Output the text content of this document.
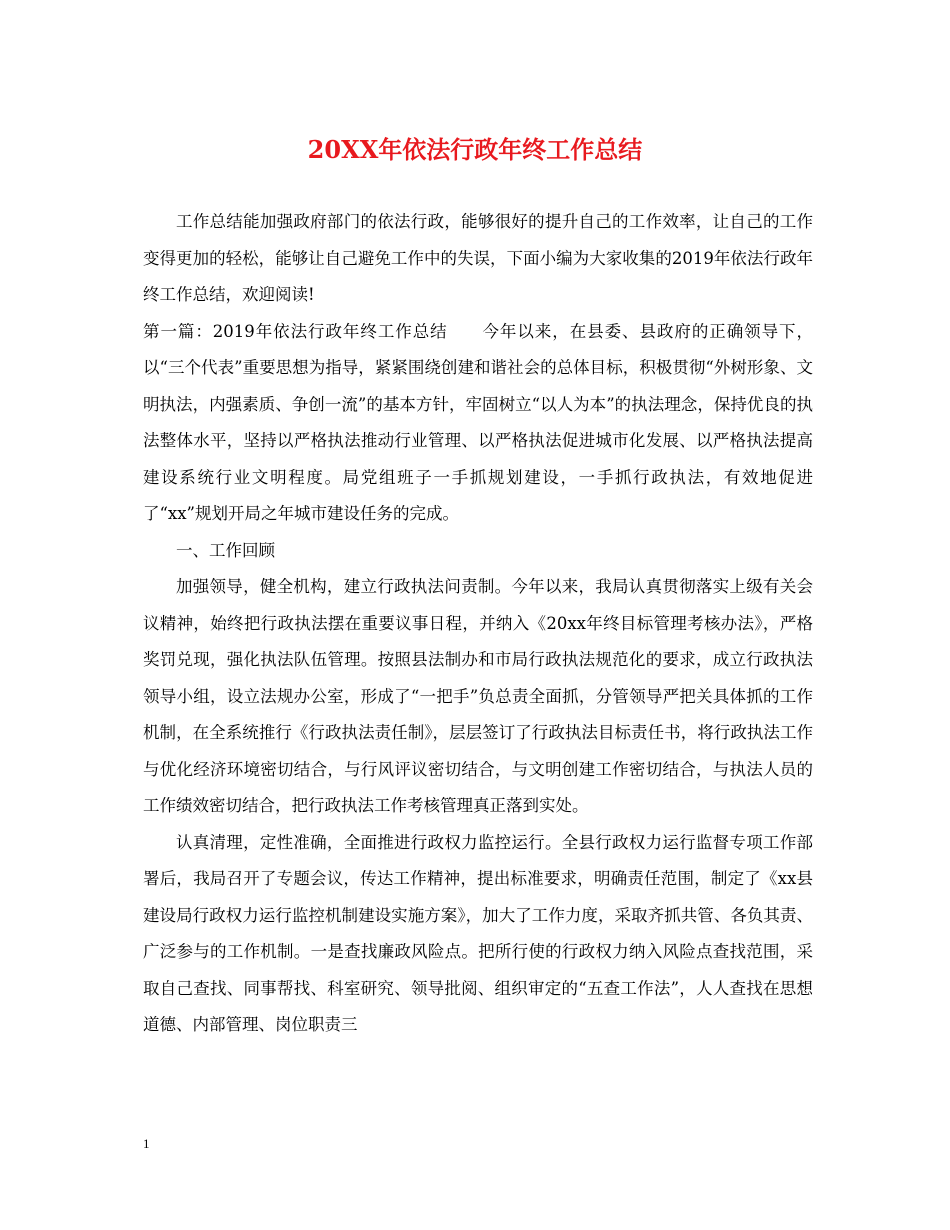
20XX年依法行政年终工作总结

工作总结能加强政府部门的依法行政，能够很好的提升自己的工作效率，让自己的工作变得更加的轻松，能够让自己避免工作中的失误，下面小编为大家收集的2019年依法行政年终工作总结，欢迎阅读!

第一篇：2019年依法行政年终工作总结　　今年以来，在县委、县政府的正确领导下，以“三个代表”重要思想为指导，紧紧围绕创建和谐社会的总体目标，积极贯彻“外树形象、文明执法，内强素质、争创一流”的基本方针，牢固树立“以人为本”的执法理念，保持优良的执法整体水平，坚持以严格执法推动行业管理、以严格执法促进城市化发展、以严格执法提高建设系统行业文明程度。局党组班子一手抓规划建设，一手抓行政执法，有效地促进了“xx”规划开局之年城市建设任务的完成。

一、工作回顾

加强领导，健全机构，建立行政执法问责制。今年以来，我局认真贯彻落实上级有关会议精神，始终把行政执法摆在重要议事日程，并纳入《20xx年终目标管理考核办法》，严格奖罚兑现，强化执法队伍管理。按照县法制办和市局行政执法规范化的要求，成立行政执法领导小组，设立法规办公室，形成了“一把手”负总责全面抓，分管领导严把关具体抓的工作机制，在全系统推行《行政执法责任制》，层层签订了行政执法目标责任书，将行政执法工作与优化经济环境密切结合，与行风评议密切结合，与文明创建工作密切结合，与执法人员的工作绩效密切结合，把行政执法工作考核管理真正落到实处。

认真清理，定性准确，全面推进行政权力监控运行。全县行政权力运行监督专项工作部署后，我局召开了专题会议，传达工作精神，提出标准要求，明确责任范围，制定了《xx县建设局行政权力运行监控机制建设实施方案》，加大了工作力度，采取齐抓共管、各负其责、广泛参与的工作机制。一是查找廉政风险点。把所行使的行政权力纳入风险点查找范围，采取自己查找、同事帮找、科室研究、领导批阅、组织审定的“五查工作法”，人人查找在思想道德、内部管理、岗位职责三

1
